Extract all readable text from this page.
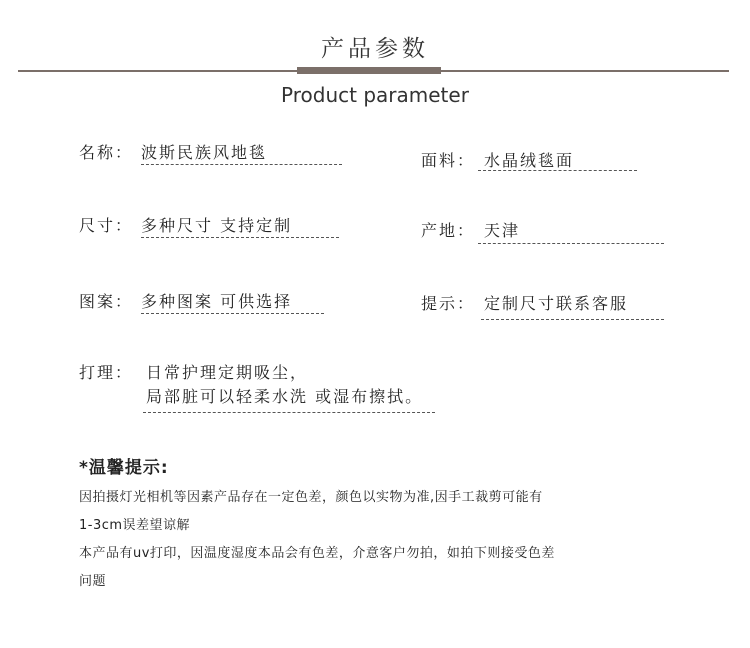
产品参数
Product parameter
名称： 波斯民族风地毯	面料： 水晶绒毯面
尺寸： 多种尺寸 支持定制	产地： 天津
图案： 多种图案 可供选择	提示： 定制尺寸联系客服
打理： 日常护理定期吸尘，
局部脏可以轻柔水洗 或湿布擦拭。
*温馨提示:
因拍摄灯光相机等因素产品存在一定色差，颜色以实物为准,因手工裁剪可能有
1-3cm误差望谅解
本产品有uv打印，因温度湿度本品会有色差，介意客户勿拍，如拍下则接受色差
问题
